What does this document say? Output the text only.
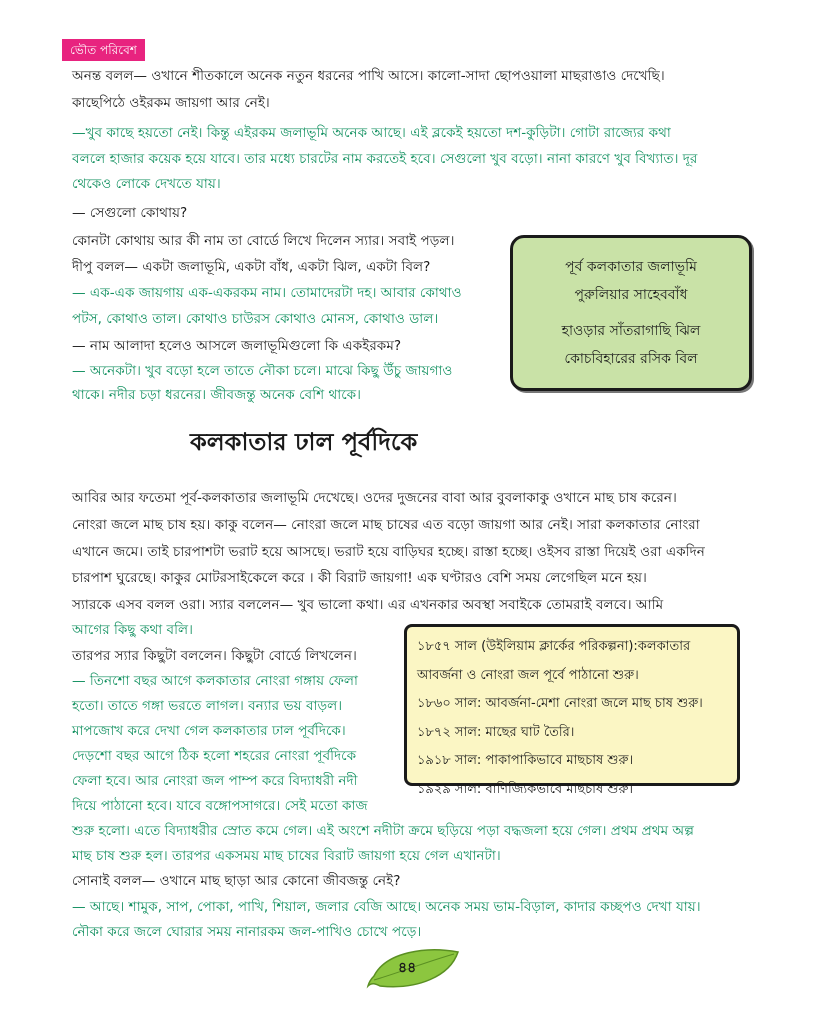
ভৌত পরিবেশ
অনন্ত বলল— ওখানে শীতকালে অনেক নতুন ধরনের পাখি আসে। কালো-সাদা ছোপওয়ালা মাছরাঙাও দেখেছি।
কাছেপিঠে ওইরকম জায়গা আর নেই।
—খুব কাছে হয়তো নেই। কিন্তু এইরকম জলাভূমি অনেক আছে। এই ব্লকেই হয়তো দশ-কুড়িটা। গোটা রাজ্যের কথা
বললে হাজার কয়েক হয়ে যাবে। তার মধ্যে চারটের নাম করতেই হবে। সেগুলো খুব বড়ো। নানা কারণে খুব বিখ্যাত। দূর
থেকেও লোকে দেখতে যায়।
— সেগুলো কোথায়?
কোনটা কোথায় আর কী নাম তা বোর্ডে লিখে দিলেন স্যার। সবাই পড়ল।
দীপু বলল— একটা জলাভূমি, একটা বাঁধ, একটা ঝিল, একটা বিল?
— এক-এক জায়গায় এক-একরকম নাম। তোমাদেরটা দহ। আবার কোথাও
পটস, কোথাও তাল। কোথাও চাউরস কোথাও মোনস, কোথাও ডাল।
— নাম আলাদা হলেও আসলে জলাভূমিগুলো কি একইরকম?
— অনেকটা। খুব বড়ো হলে তাতে নৌকা চলে। মাঝে কিছু উঁচু জায়গাও
থাকে। নদীর চড়া ধরনের। জীবজন্তু অনেক বেশি থাকে।
পূর্ব কলকাতার জলাভূমি
পুরুলিয়ার সাহেববাঁধ
হাওড়ার সাঁতরাগাছি ঝিল
কোচবিহারের রসিক বিল
কলকাতার ঢাল পূর্বদিকে
আবির আর ফতেমা পূর্ব-কলকাতার জলাভূমি দেখেছে। ওদের দুজনের বাবা আর বুবলাকাকু ওখানে মাছ চাষ করেন।
নোংরা জলে মাছ চাষ হয়। কাকু বলেন— নোংরা জলে মাছ চাষের এত বড়ো জায়গা আর নেই। সারা কলকাতার নোংরা
এখানে জমে। তাই চারপাশটা ভরাট হয়ে আসছে। ভরাট হয়ে বাড়িঘর হচ্ছে। রাস্তা হচ্ছে। ওইসব রাস্তা দিয়েই ওরা একদিন
চারপাশ ঘুরেছে। কাকুর মোটরসাইকেলে করে । কী বিরাট জায়গা! এক ঘণ্টারও বেশি সময় লেগেছিল মনে হয়।
স্যারকে এসব বলল ওরা। স্যার বললেন— খুব ভালো কথা। এর এখনকার অবস্থা সবাইকে তোমরাই বলবে। আমি
আগের কিছু কথা বলি।
তারপর স্যার কিছুটা বললেন। কিছুটা বোর্ডে লিখলেন।
— তিনশো বছর আগে কলকাতার নোংরা গঙ্গায় ফেলা
হতো। তাতে গঙ্গা ভরতে লাগল। বন্যার ভয় বাড়ল।
মাপজোখ করে দেখা গেল কলকাতার ঢাল পূর্বদিকে।
দেড়শো বছর আগে ঠিক হলো শহরের নোংরা পূর্বদিকে
ফেলা হবে। আর নোংরা জল পাম্প করে বিদ্যাধরী নদী
দিয়ে পাঠানো হবে। যাবে বঙ্গোপসাগরে। সেই মতো কাজ
শুরু হলো। এতে বিদ্যাধরীর স্রোত কমে গেল। এই অংশে নদীটা ক্রমে ছড়িয়ে পড়া বদ্ধজলা হয়ে গেল। প্রথম প্রথম অল্প
মাছ চাষ শুরু হল। তারপর একসময় মাছ চাষের বিরাট জায়গা হয়ে গেল এখানটা।
সোনাই বলল— ওখানে মাছ ছাড়া আর কোনো জীবজন্তু নেই?
— আছে। শামুক, সাপ, পোকা, পাখি, শিয়াল, জলার বেজি আছে। অনেক সময় ভাম-বিড়াল, কাদার কচ্ছপও দেখা যায়।
নৌকা করে জলে ঘোরার সময় নানারকম জল-পাখিও চোখে পড়ে।
১৮৫৭ সাল (উইলিয়াম ক্লার্কের পরিকল্পনা):কলকাতার
আবর্জনা ও নোংরা জল পূর্বে পাঠানো শুরু।
১৮৬০ সাল: আবর্জনা-মেশা নোংরা জলে মাছ চাষ শুরু।
১৮৭২ সাল: মাছের ঘাট তৈরি।
১৯১৮ সাল: পাকাপাকিভাবে মাছচাষ শুরু।
১৯২৯ সাল: বাণিজ্যিকভাবে মাছচাষ শুরু।
৪৪
